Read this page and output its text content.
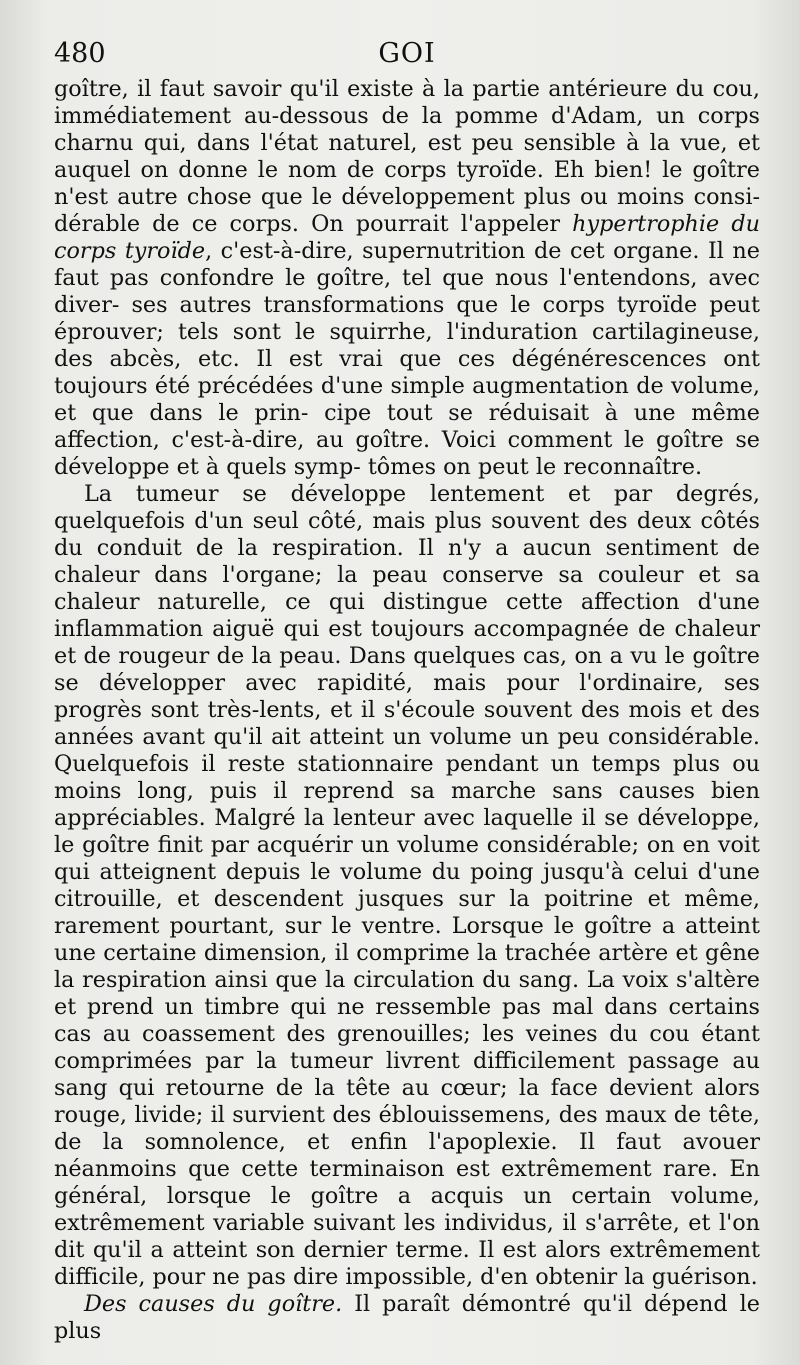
480	GOI

goître, il faut savoir qu'il existe à la partie antérieure du cou, immédiatement au-dessous de la pomme d'Adam, un corps charnu qui, dans l'état naturel, est peu sensible à la vue, et auquel on donne le nom de corps tyroïde. Eh bien! le goître n'est autre chose que le développement plus ou moins consi- dérable de ce corps. On pourrait l'appeler hypertrophie du corps tyroïde, c'est-à-dire, supernutrition de cet organe. Il ne faut pas confondre le goître, tel que nous l'entendons, avec diver- ses autres transformations que le corps tyroïde peut éprouver; tels sont le squirrhe, l'induration cartilagineuse, des abcès, etc. Il est vrai que ces dégénérescences ont toujours été précédées d'une simple augmentation de volume, et que dans le prin- cipe tout se réduisait à une même affection, c'est-à-dire, au goître. Voici comment le goître se développe et à quels symp- tômes on peut le reconnaître.

La tumeur se développe lentement et par degrés, quelquefois d'un seul côté, mais plus souvent des deux côtés du conduit de la respiration. Il n'y a aucun sentiment de chaleur dans l'organe; la peau conserve sa couleur et sa chaleur naturelle, ce qui distingue cette affection d'une inflammation aiguë qui est toujours accompagnée de chaleur et de rougeur de la peau. Dans quelques cas, on a vu le goître se développer avec rapidité, mais pour l'ordinaire, ses progrès sont très-lents, et il s'écoule souvent des mois et des années avant qu'il ait atteint un volume un peu considérable. Quelquefois il reste stationnaire pendant un temps plus ou moins long, puis il reprend sa marche sans causes bien appréciables. Malgré la lenteur avec laquelle il se développe, le goître finit par acquérir un volume considérable; on en voit qui atteignent depuis le volume du poing jusqu'à celui d'une citrouille, et descendent jusques sur la poitrine et même, rarement pourtant, sur le ventre. Lorsque le goître a atteint une certaine dimension, il comprime la trachée artère et gêne la respiration ainsi que la circulation du sang. La voix s'altère et prend un timbre qui ne ressemble pas mal dans certains cas au coassement des grenouilles; les veines du cou étant comprimées par la tumeur livrent difficilement passage au sang qui retourne de la tête au cœur; la face devient alors rouge, livide; il survient des éblouissemens, des maux de tête, de la somnolence, et enfin l'apoplexie. Il faut avouer néanmoins que cette terminaison est extrêmement rare. En général, lorsque le goître a acquis un certain volume, extrêmement variable suivant les individus, il s'arrête, et l'on dit qu'il a atteint son dernier terme. Il est alors extrêmement difficile, pour ne pas dire impossible, d'en obtenir la guérison.

Des causes du goître. Il paraît démontré qu'il dépend le plus
